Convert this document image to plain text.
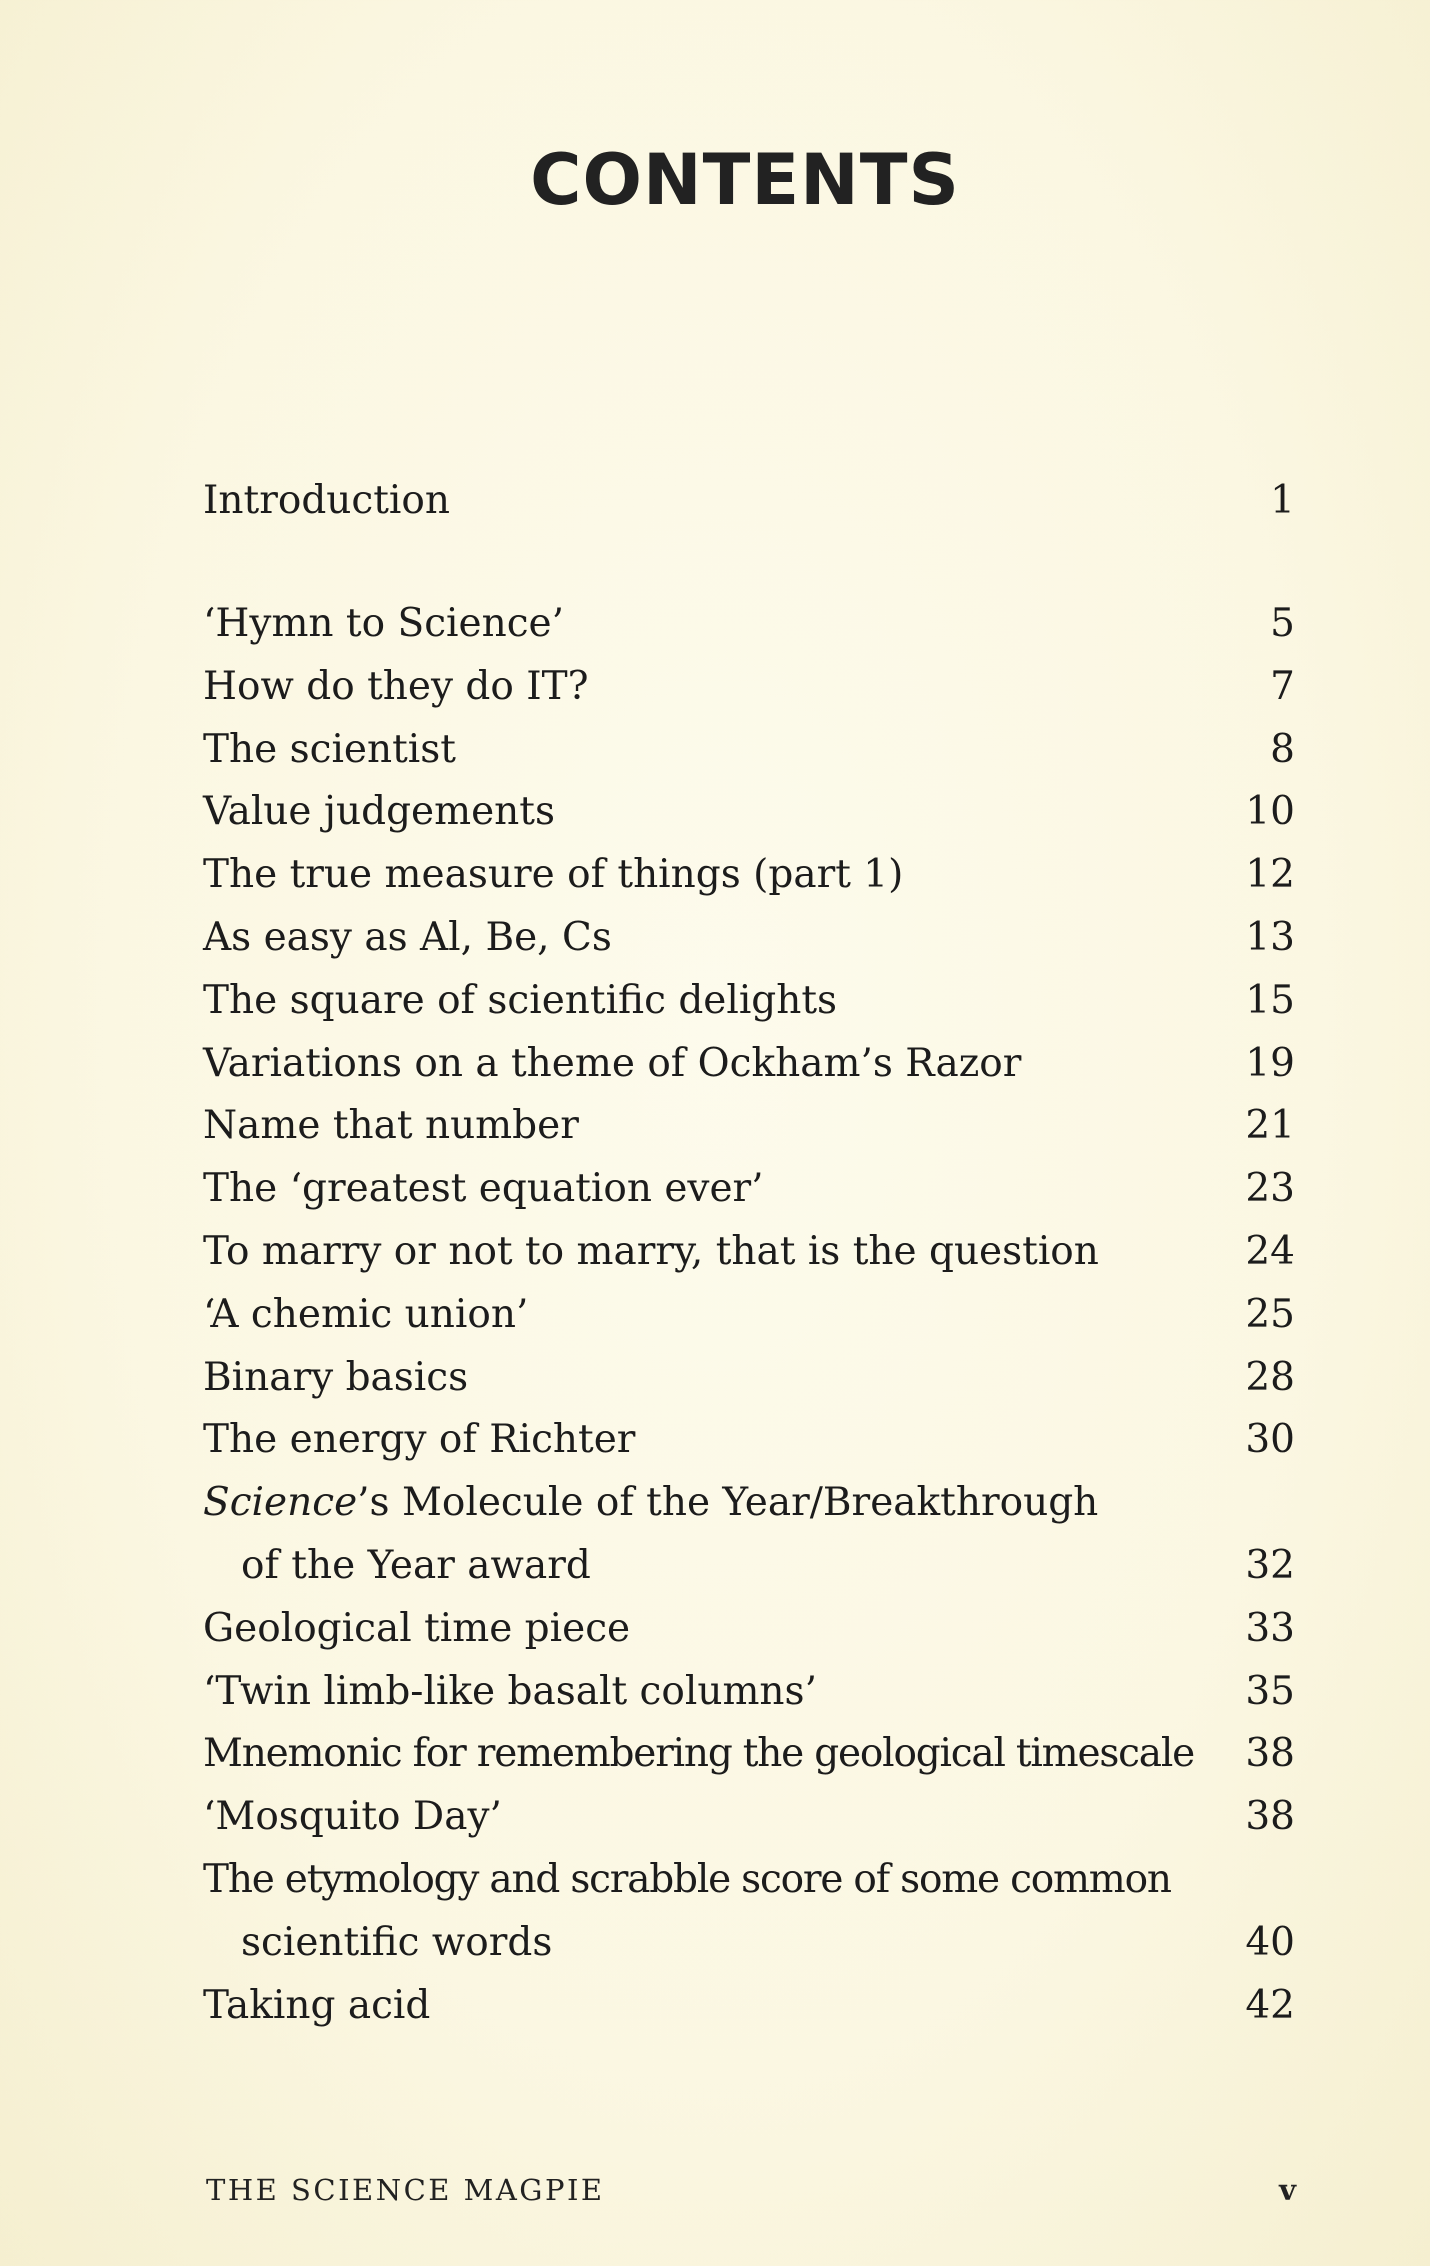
CONTENTS
Introduction	1
‘Hymn to Science’	5
How do they do IT?	7
The scientist	8
Value judgements	10
The true measure of things (part 1)	12
As easy as Al, Be, Cs	13
The square of scientific delights	15
Variations on a theme of Ockham’s Razor	19
Name that number	21
The ‘greatest equation ever’	23
To marry or not to marry, that is the question	24
‘A chemic union’	25
Binary basics	28
The energy of Richter	30
Science’s Molecule of the Year/Breakthrough
of the Year award	32
Geological time piece	33
‘Twin limb-like basalt columns’	35
Mnemonic for remembering the geological timescale 38
‘Mosquito Day’	38
The etymology and scrabble score of some common
scientific words	40
Taking acid	42
THE SCIENCE MAGPIE	v
